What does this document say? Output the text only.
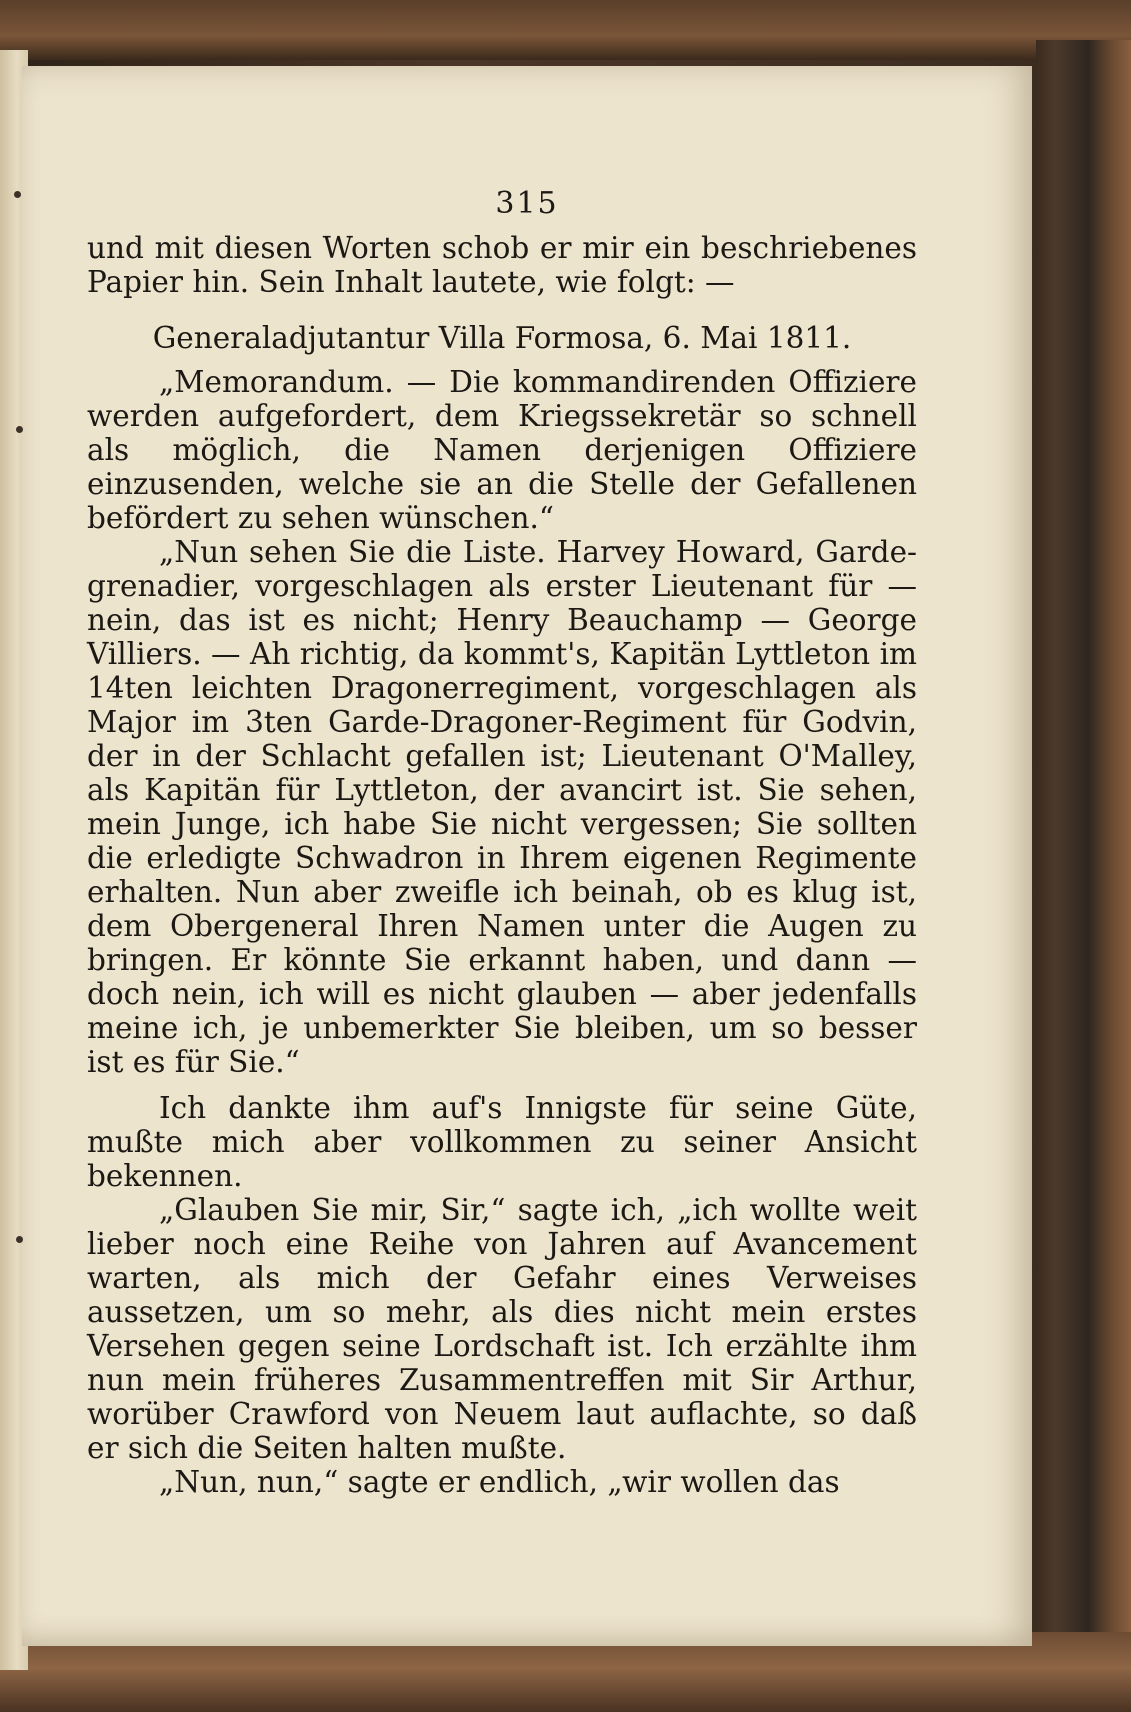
315

und mit diesen Worten schob er mir ein beschriebenes Papier hin. Sein Inhalt lautete, wie folgt: —

Generaladjutantur Villa Formosa, 6. Mai 1811.

„Memorandum. — Die kommandirenden Offiziere werden aufgefordert, dem Kriegssekretär so schnell als möglich, die Namen derjenigen Offiziere einzusenden, welche sie an die Stelle der Gefallenen befördert zu sehen wünschen.“

„Nun sehen Sie die Liste. Harvey Howard, Garde-grenadier, vorgeschlagen als erster Lieutenant für — nein, das ist es nicht; Henry Beauchamp — George Villiers. — Ah richtig, da kommt's, Kapitän Lyttleton im 14ten leichten Dragonerregiment, vorgeschlagen als Major im 3ten Garde-Dragoner-Regiment für Godvin, der in der Schlacht gefallen ist; Lieutenant O'Malley, als Kapitän für Lyttleton, der avancirt ist. Sie sehen, mein Junge, ich habe Sie nicht vergessen; Sie sollten die erledigte Schwadron in Ihrem eigenen Regimente erhalten. Nun aber zweifle ich beinah, ob es klug ist, dem Obergeneral Ihren Namen unter die Augen zu bringen. Er könnte Sie erkannt haben, und dann — doch nein, ich will es nicht glauben — aber jedenfalls meine ich, je unbemerkter Sie bleiben, um so besser ist es für Sie.“

Ich dankte ihm auf's Innigste für seine Güte, mußte mich aber vollkommen zu seiner Ansicht bekennen.

„Glauben Sie mir, Sir,“ sagte ich, „ich wollte weit lieber noch eine Reihe von Jahren auf Avancement warten, als mich der Gefahr eines Verweises aussetzen, um so mehr, als dies nicht mein erstes Versehen gegen seine Lordschaft ist. Ich erzählte ihm nun mein früheres Zusammentreffen mit Sir Arthur, worüber Crawford von Neuem laut auflachte, so daß er sich die Seiten halten mußte.

„Nun, nun,“ sagte er endlich, „wir wollen das
